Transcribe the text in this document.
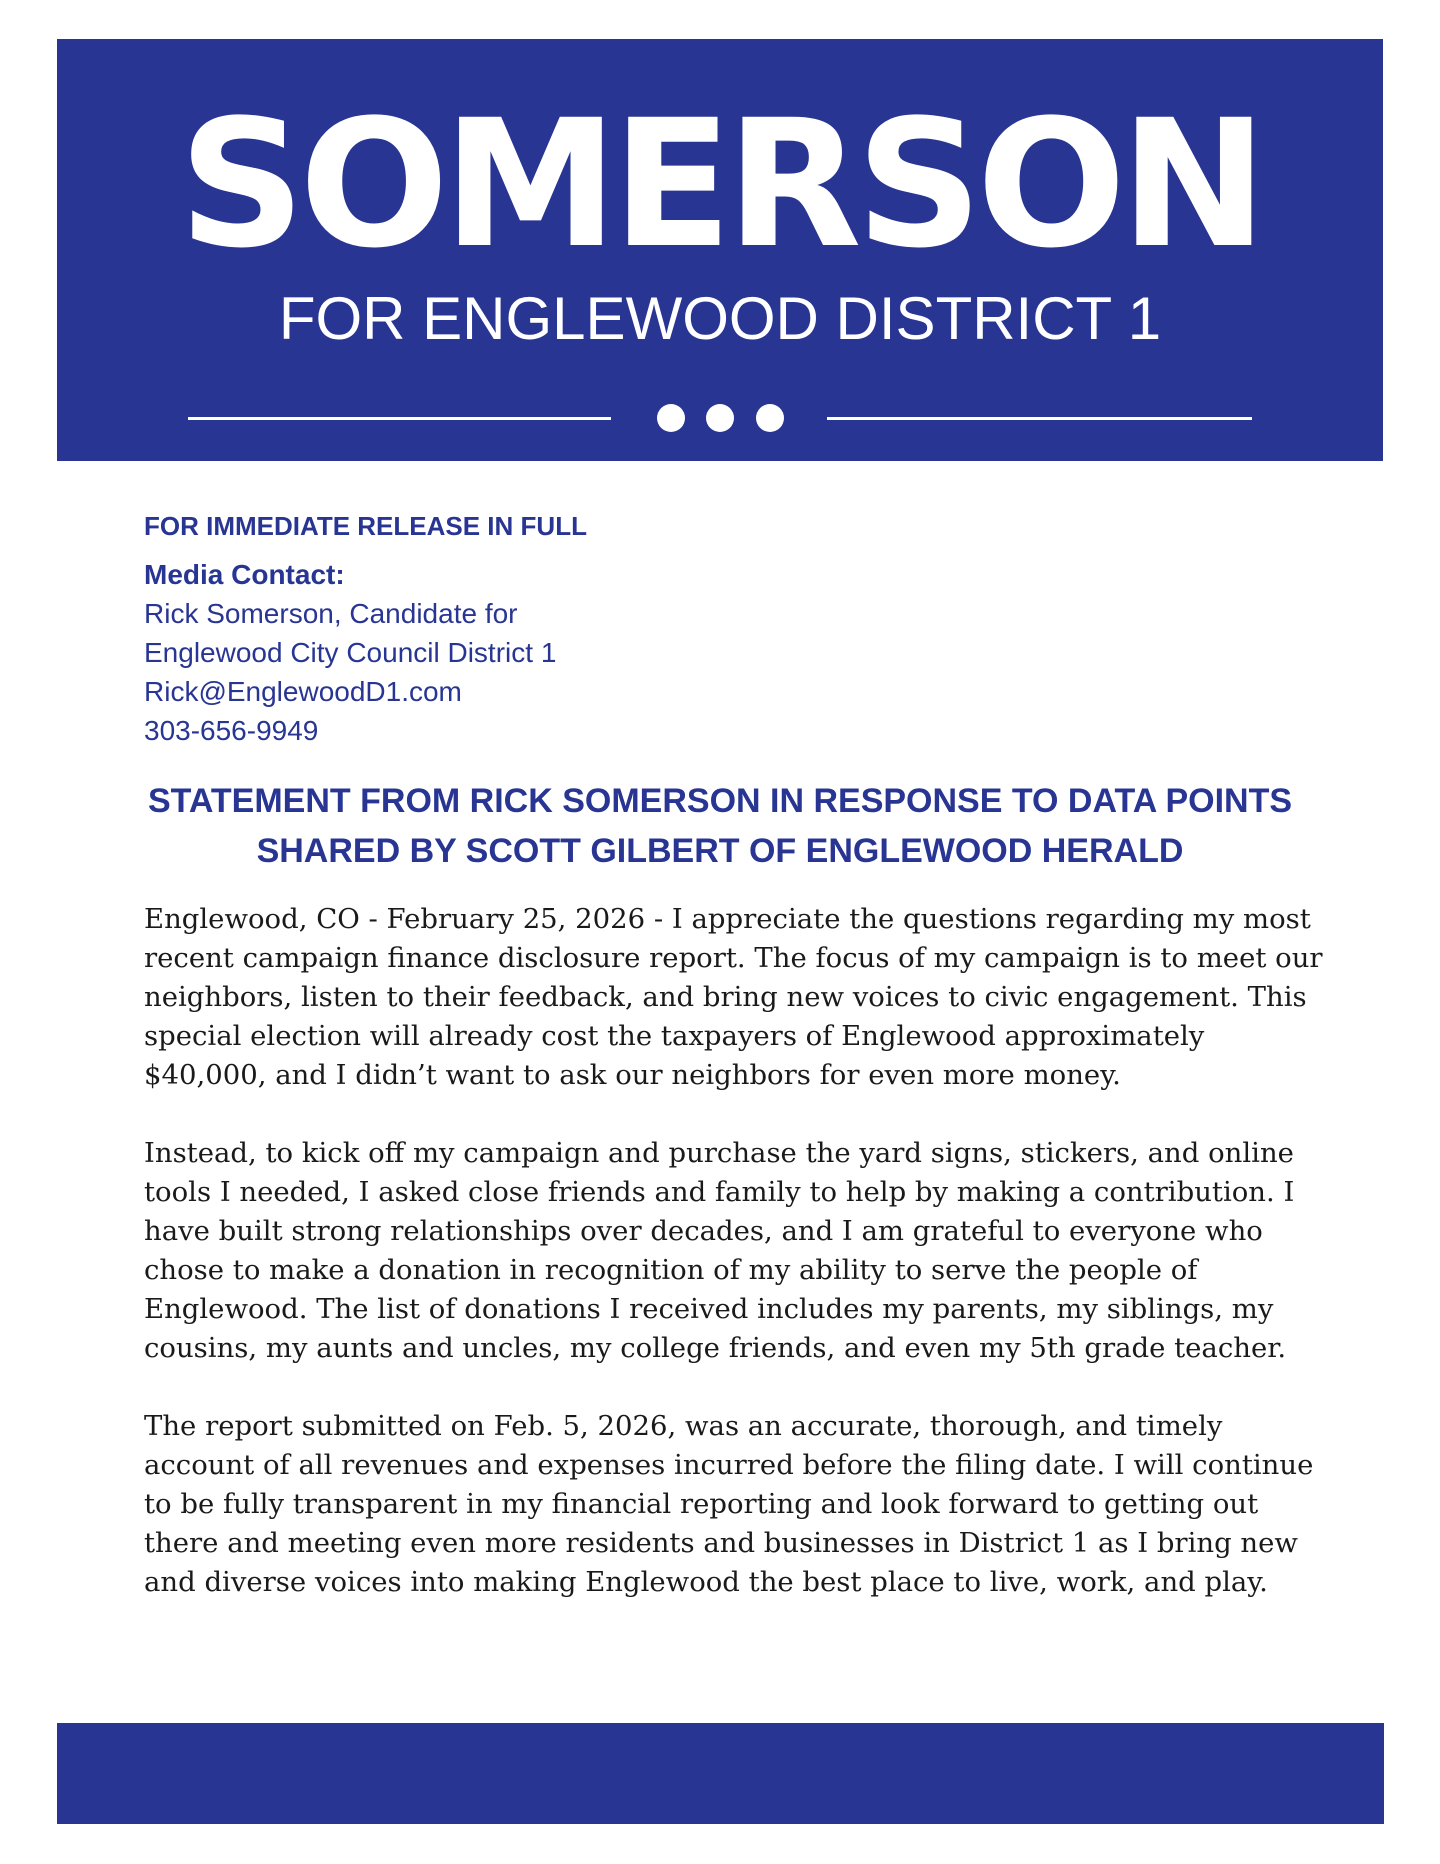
SOMERSON
FOR ENGLEWOOD DISTRICT 1
FOR IMMEDIATE RELEASE IN FULL
Media Contact:
Rick Somerson, Candidate for
Englewood City Council District 1
Rick@EnglewoodD1.com
303-656-9949
STATEMENT FROM RICK SOMERSON IN RESPONSE TO DATA POINTS
SHARED BY SCOTT GILBERT OF ENGLEWOOD HERALD

Englewood, CO - February 25, 2026 - I appreciate the questions regarding my most recent campaign finance disclosure report. The focus of my campaign is to meet our neighbors, listen to their feedback, and bring new voices to civic engagement. This special election will already cost the taxpayers of Englewood approximately $40,000, and I didn’t want to ask our neighbors for even more money.

Instead, to kick off my campaign and purchase the yard signs, stickers, and online tools I needed, I asked close friends and family to help by making a contribution. I have built strong relationships over decades, and I am grateful to everyone who chose to make a donation in recognition of my ability to serve the people of Englewood. The list of donations I received includes my parents, my siblings, my cousins, my aunts and uncles, my college friends, and even my 5th grade teacher.

The report submitted on Feb. 5, 2026, was an accurate, thorough, and timely account of all revenues and expenses incurred before the filing date. I will continue to be fully transparent in my financial reporting and look forward to getting out there and meeting even more residents and businesses in District 1 as I bring new and diverse voices into making Englewood the best place to live, work, and play.
